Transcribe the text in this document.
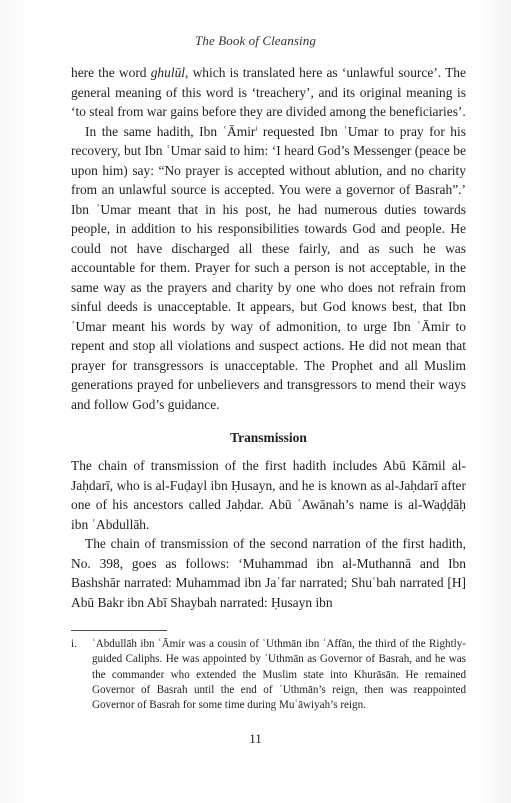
The Book of Cleansing

here the word ghulūl, which is translated here as ‘unlawful source’. The general meaning of this word is ‘treachery’, and its original meaning is ‘to steal from war gains before they are divided among the beneficiaries’.

In the same hadith, Ibn ʿĀmir$^i$ requested Ibn ʿUmar to pray for his recovery, but Ibn ʿUmar said to him: ‘I heard God’s Messenger (peace be upon him) say: “No prayer is accepted without ablution, and no charity from an unlawful source is accepted. You were a governor of Basrah”.’ Ibn ʿUmar meant that in his post, he had numerous duties towards people, in addition to his responsibilities towards God and people. He could not have discharged all these fairly, and as such he was accountable for them. Prayer for such a person is not acceptable, in the same way as the prayers and charity by one who does not refrain from sinful deeds is unacceptable. It appears, but God knows best, that Ibn ʿUmar meant his words by way of admonition, to urge Ibn ʿĀmir to repent and stop all violations and suspect actions. He did not mean that prayer for transgressors is unacceptable. The Prophet and all Muslim generations prayed for unbelievers and transgressors to mend their ways and follow God’s guidance.

Transmission

The chain of transmission of the first hadith includes Abū Kāmil al-Jaḥdarī, who is al-Fuḍayl ibn Ḥusayn, and he is known as al-Jaḥdarī after one of his ancestors called Jaḥdar. Abū ʿAwānah’s name is al-Waḍḍāḥ ibn ʿAbdullāh.

The chain of transmission of the second narration of the first hadith, No. 398, goes as follows: ‘Muhammad ibn al-Muthannā and Ibn Bashshār narrated: Muhammad ibn Jaʿfar narrated; Shuʿbah narrated [H] Abū Bakr ibn Abī Shaybah narrated: Ḥusayn ibn

i. ʿAbdullāh ibn ʿĀmir was a cousin of ʿUthmān ibn ʿAffān, the third of the Rightly-guided Caliphs. He was appointed by ʿUthmān as Governor of Basrah, and he was the commander who extended the Muslim state into Khurāsān. He remained Governor of Basrah until the end of ʿUthmān’s reign, then was reappointed Governor of Basrah for some time during Muʿāwiyah’s reign.
11
